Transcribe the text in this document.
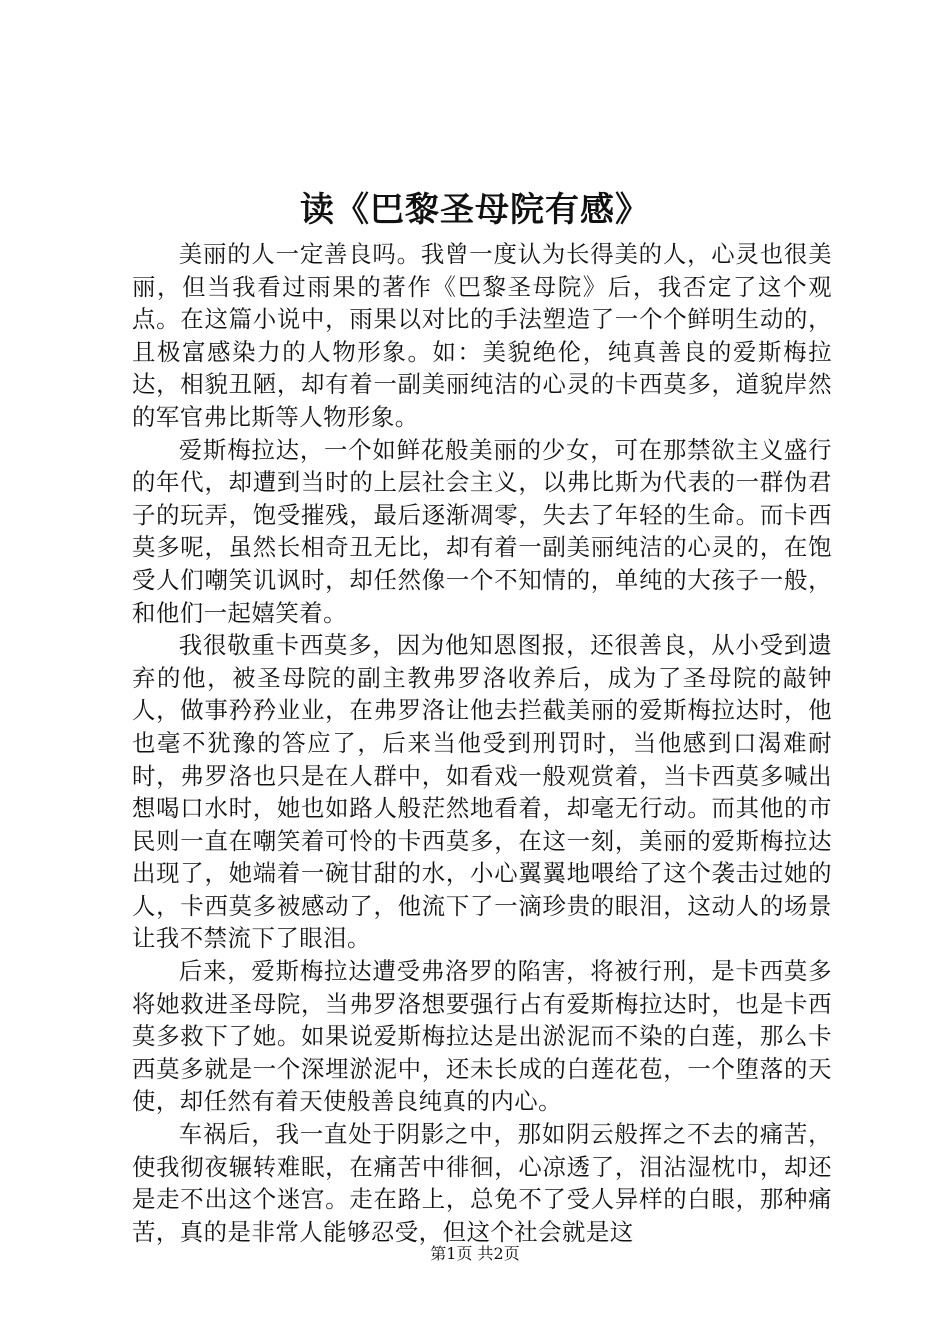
读《巴黎圣母院有感》

美丽的人一定善良吗。我曾一度认为长得美的人，心灵也很美丽，但当我看过雨果的著作《巴黎圣母院》后，我否定了这个观点。在这篇小说中，雨果以对比的手法塑造了一个个鲜明生动的，且极富感染力的人物形象。如：美貌绝伦，纯真善良的爱斯梅拉达，相貌丑陋，却有着一副美丽纯洁的心灵的卡西莫多，道貌岸然的军官弗比斯等人物形象。

爱斯梅拉达，一个如鲜花般美丽的少女，可在那禁欲主义盛行的年代，却遭到当时的上层社会主义，以弗比斯为代表的一群伪君子的玩弄，饱受摧残，最后逐渐凋零，失去了年轻的生命。而卡西莫多呢，虽然长相奇丑无比，却有着一副美丽纯洁的心灵的，在饱受人们嘲笑讥讽时，却任然像一个不知情的，单纯的大孩子一般，和他们一起嬉笑着。

我很敬重卡西莫多，因为他知恩图报，还很善良，从小受到遗弃的他，被圣母院的副主教弗罗洛收养后，成为了圣母院的敲钟人，做事矜矜业业，在弗罗洛让他去拦截美丽的爱斯梅拉达时，他也毫不犹豫的答应了，后来当他受到刑罚时，当他感到口渴难耐时，弗罗洛也只是在人群中，如看戏一般观赏着，当卡西莫多喊出想喝口水时，她也如路人般茫然地看着，却毫无行动。而其他的市民则一直在嘲笑着可怜的卡西莫多，在这一刻，美丽的爱斯梅拉达出现了，她端着一碗甘甜的水，小心翼翼地喂给了这个袭击过她的人，卡西莫多被感动了，他流下了一滴珍贵的眼泪，这动人的场景让我不禁流下了眼泪。

后来，爱斯梅拉达遭受弗洛罗的陷害，将被行刑，是卡西莫多将她救进圣母院，当弗罗洛想要强行占有爱斯梅拉达时，也是卡西莫多救下了她。如果说爱斯梅拉达是出淤泥而不染的白莲，那么卡西莫多就是一个深埋淤泥中，还未长成的白莲花苞，一个堕落的天使，却任然有着天使般善良纯真的内心。

车祸后，我一直处于阴影之中，那如阴云般挥之不去的痛苦，使我彻夜辗转难眠，在痛苦中徘徊，心凉透了，泪沾湿枕巾，却还是走不出这个迷宫。走在路上，总免不了受人异样的白眼，那种痛苦，真的是非常人能够忍受，但这个社会就是这

第1页 共2页
